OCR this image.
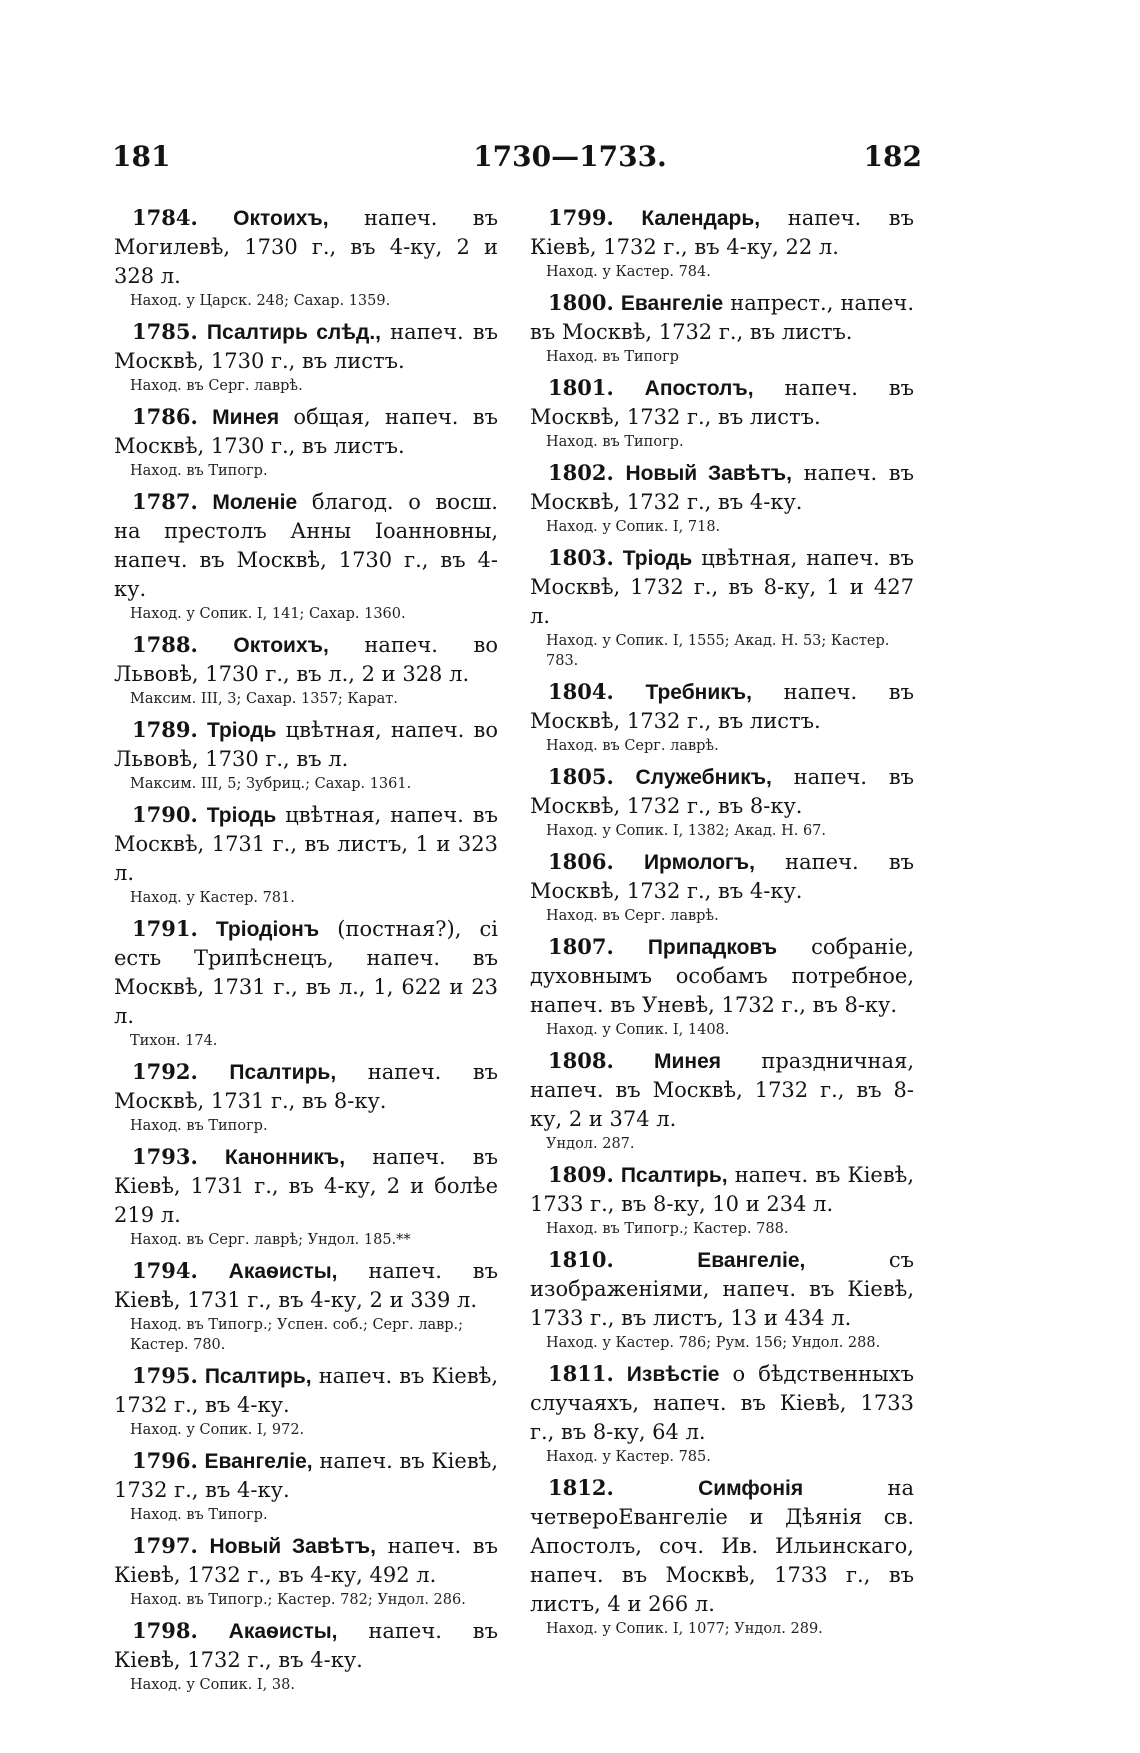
181	1730—1733.	182

1784. Октоихъ, напеч. въ Могилевѣ, 1730 г., въ 4-ку, 2 и 328 л.

Наход. у Царск. 248; Сахар. 1359.

1785. Псалтирь слѣд., напеч. въ Москвѣ, 1730 г., въ листъ.

Наход. въ Серг. лаврѣ.

1786. Минея общая, напеч. въ Москвѣ, 1730 г., въ листъ.

Наход. въ Типогр.

1787. Моленіе благод. о восш. на престолъ Анны Іоанновны, напеч. въ Москвѣ, 1730 г., въ 4-ку.

Наход. у Сопик. I, 141; Сахар. 1360.

1788. Октоихъ, напеч. во Львовѣ, 1730 г., въ л., 2 и 328 л.

Максим. III, 3; Сахар. 1357; Карат.

1789. Тріодь цвѣтная, напеч. во Львовѣ, 1730 г., въ л.

Максим. III, 5; Зубриц.; Сахар. 1361.

1790. Тріодь цвѣтная, напеч. въ Москвѣ, 1731 г., въ листъ, 1 и 323 л.

Наход. у Кастер. 781.

1791. Тріодіонъ (постная?), сі есть Трипѣснецъ, напеч. въ Москвѣ, 1731 г., въ л., 1, 622 и 23 л.

Тихон. 174.

1792. Псалтирь, напеч. въ Москвѣ, 1731 г., въ 8-ку.

Наход. въ Типогр.

1793. Канонникъ, напеч. въ Кіевѣ, 1731 г., въ 4-ку, 2 и болѣе 219 л.

Наход. въ Серг. лаврѣ; Ундол. 185.**

1794. Акаѳисты, напеч. въ Кіевѣ, 1731 г., въ 4-ку, 2 и 339 л.

Наход. въ Типогр.; Успен. соб.; Серг. лавр.; Кастер. 780.

1795. Псалтирь, напеч. въ Кіевѣ, 1732 г., въ 4-ку.

Наход. у Сопик. I, 972.

1796. Евангеліе, напеч. въ Кіевѣ, 1732 г., въ 4-ку.

Наход. въ Типогр.

1797. Новый Завѣтъ, напеч. въ Кіевѣ, 1732 г., въ 4-ку, 492 л.

Наход. въ Типогр.; Кастер. 782; Ундол. 286.

1798. Акаѳисты, напеч. въ Кіевѣ, 1732 г., въ 4-ку.

Наход. у Сопик. I, 38.

1799. Календарь, напеч. въ Кіевѣ, 1732 г., въ 4-ку, 22 л.

Наход. у Кастер. 784.

1800. Евангеліе напрест., напеч. въ Москвѣ, 1732 г., въ листъ.

Наход. въ Типогр

1801. Апостолъ, напеч. въ Москвѣ, 1732 г., въ листъ.

Наход. въ Типогр.

1802. Новый Завѣтъ, напеч. въ Москвѣ, 1732 г., въ 4-ку.

Наход. у Сопик. I, 718.

1803. Тріодь цвѣтная, напеч. въ Москвѣ, 1732 г., въ 8-ку, 1 и 427 л.

Наход. у Сопик. I, 1555; Акад. Н. 53; Кастер. 783.

1804. Требникъ, напеч. въ Москвѣ, 1732 г., въ листъ.

Наход. въ Серг. лаврѣ.

1805. Служебникъ, напеч. въ Москвѣ, 1732 г., въ 8-ку.

Наход. у Сопик. I, 1382; Акад. Н. 67.

1806. Ирмологъ, напеч. въ Москвѣ, 1732 г., въ 4-ку.

Наход. въ Серг. лаврѣ.

1807. Припадковъ собраніе, духовнымъ особамъ потребное, напеч. въ Уневѣ, 1732 г., въ 8-ку.

Наход. у Сопик. I, 1408.

1808. Минея праздничная, напеч. въ Москвѣ, 1732 г., въ 8-ку, 2 и 374 л.

Ундол. 287.

1809. Псалтирь, напеч. въ Кіевѣ, 1733 г., въ 8-ку, 10 и 234 л.

Наход. въ Типогр.; Кастер. 788.

1810.	Евангеліе,	съ изображеніями, напеч. въ Кіевѣ, 1733 г., въ листъ, 13 и 434 л.

Наход. у Кастер. 786; Рум. 156; Ундол. 288.

1811. Извѣстіе о бѣдственныхъ случаяхъ, напеч. въ Кіевѣ, 1733 г., въ 8-ку, 64 л.

Наход. у Кастер. 785.

1812.	Симфонія	на четвероЕвангеліе и Дѣянія св. Апостолъ, соч. Ив. Ильинскаго, напеч. въ Москвѣ, 1733 г., въ листъ, 4 и 266 л.

Наход. у Сопик. I, 1077; Ундол. 289.
